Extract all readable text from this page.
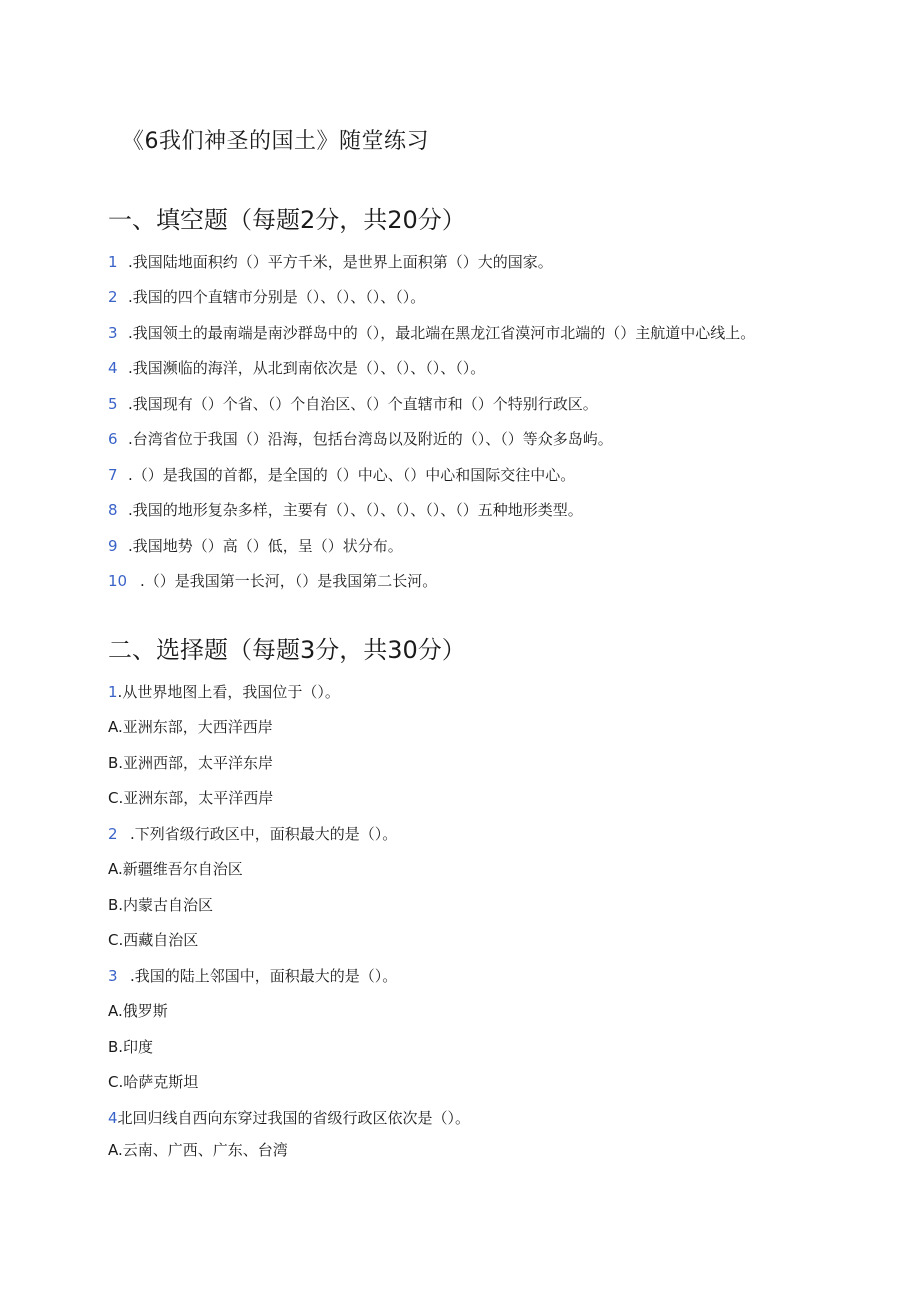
《6我们神圣的国土》随堂练习
一、填空题（每题2分，共20分）
1 .我国陆地面积约（）平方千米，是世界上面积第（）大的国家。
2 .我国的四个直辖市分别是（）、（）、（）、（）。
3 .我国领土的最南端是南沙群岛中的（），最北端在黑龙江省漠河市北端的（）主航道中心线上。
4 .我国濒临的海洋，从北到南依次是（）、（）、（）、（）。
5 .我国现有（）个省、（）个自治区、（）个直辖市和（）个特别行政区。
6 .台湾省位于我国（）沿海，包括台湾岛以及附近的（）、（）等众多岛屿。
7 .（）是我国的首都，是全国的（）中心、（）中心和国际交往中心。
8 .我国的地形复杂多样，主要有（）、（）、（）、（）、（）五种地形类型。
9 .我国地势（）高（）低，呈（）状分布。
10 .（）是我国第一长河，（）是我国第二长河。
二、选择题（每题3分，共30分）
1.从世界地图上看，我国位于（）。
A.亚洲东部，大西洋西岸
B.亚洲西部，太平洋东岸
C.亚洲东部，太平洋西岸
2 .下列省级行政区中，面积最大的是（）。
A.新疆维吾尔自治区
B.内蒙古自治区
C.西藏自治区
3 .我国的陆上邻国中，面积最大的是（）。
A.俄罗斯
B.印度
C.哈萨克斯坦
4北回归线自西向东穿过我国的省级行政区依次是（）。
A.云南、广西、广东、台湾
